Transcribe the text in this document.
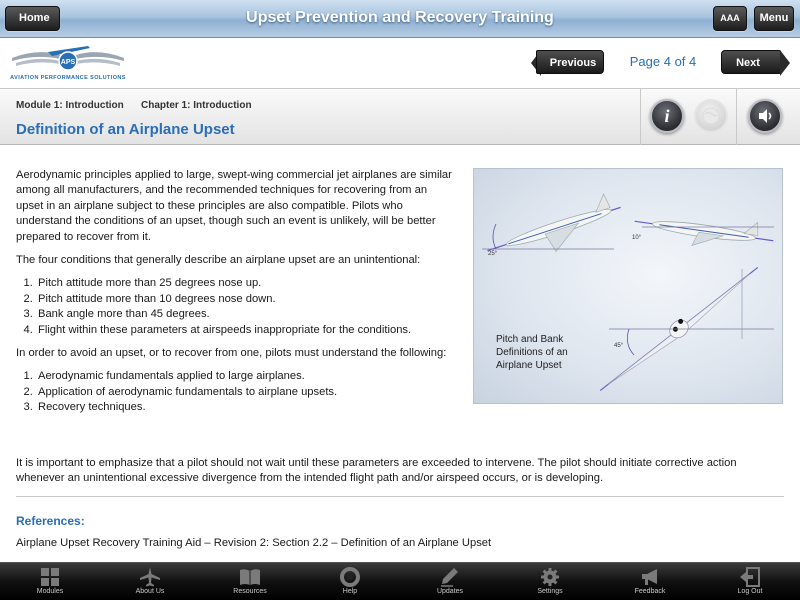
Upset Prevention and Recovery Training
Home	AAA	Menu
APS
AVIATION PERFORMANCE SOLUTIONS
Previous	Page 4 of 4	Next
Module 1: Introduction Chapter 1: Introduction
Definition of an Airplane Upset
i

Aerodynamic principles applied to large, swept-wing commercial jet airplanes are similar among all manufacturers, and the recommended techniques for recovering from an upset in an airplane subject to these principles are also compatible. Pilots who understand the conditions of an upset, though such an event is unlikely, will be better prepared to recover from it.

The four conditions that generally describe an airplane upset are an unintentional:

1. Pitch attitude more than 25 degrees nose up.
2. Pitch attitude more than 10 degrees nose down.
3. Bank angle more than 45 degrees.
4. Flight within these parameters at airspeeds inappropriate for the conditions.

In order to avoid an upset, or to recover from one, pilots must understand the following:

1. Aerodynamic fundamentals applied to large airplanes.
2. Application of aerodynamic fundamentals to airplane upsets.
3. Recovery techniques.
25°
10°
45°
Pitch and Bank
Definitions of an
Airplane Upset
It is important to emphasize that a pilot should not wait until these parameters are exceeded to intervene. The pilot should initiate corrective action whenever an unintentional excessive divergence from the intended flight path and/or airspeed occurs, or is developing.
References:
Airplane Upset Recovery Training Aid – Revision 2: Section 2.2 – Definition of an Airplane Upset
Modules	About Us	Resources	Help	Updates	Settings	Feedback	Log Out
